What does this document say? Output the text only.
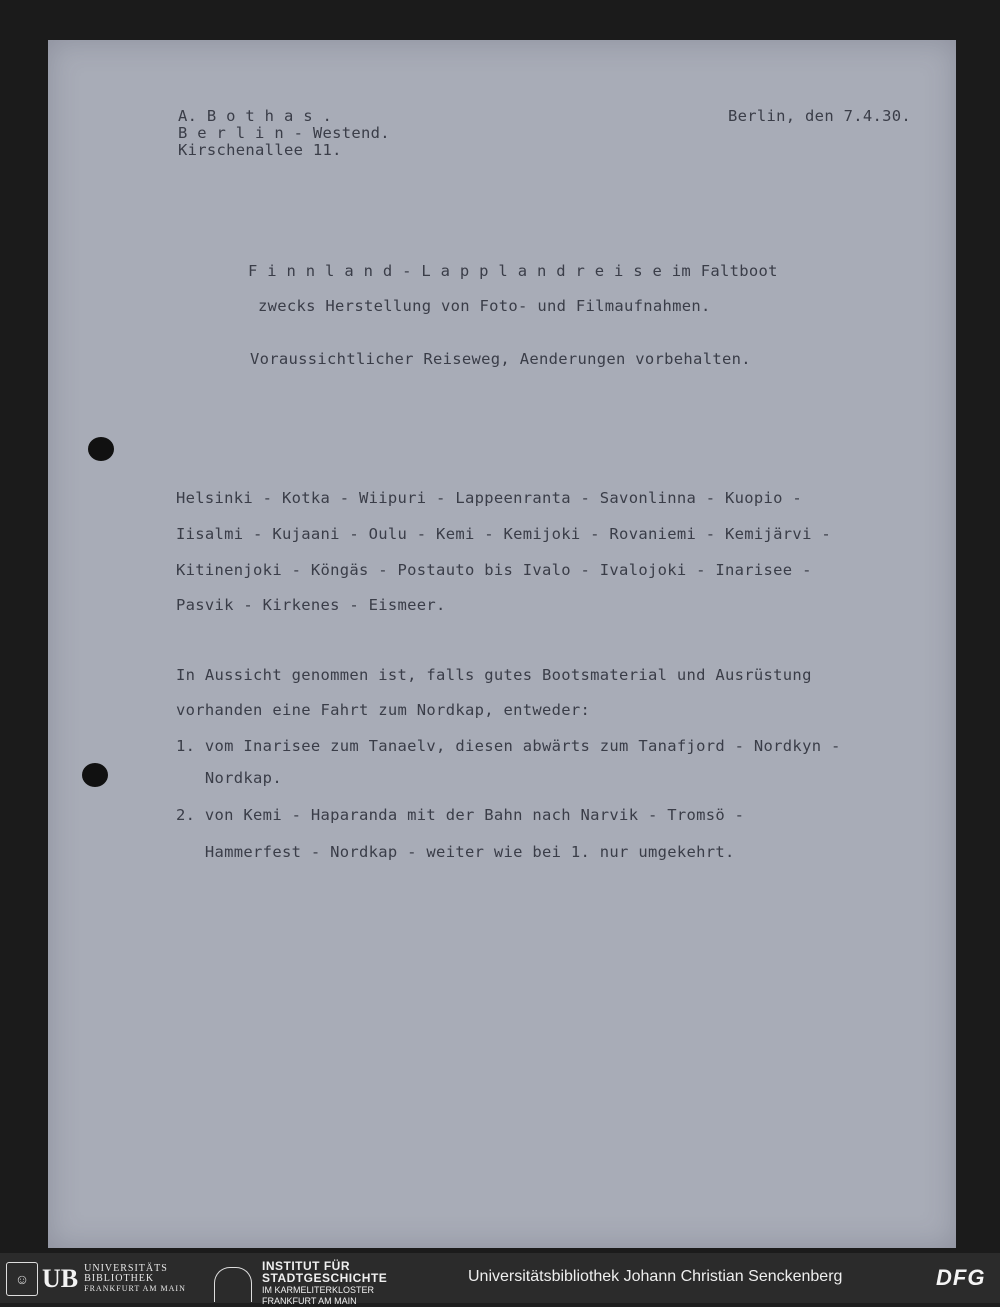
A. B o t h a s .
B e r l i n - Westend.
Kirschenallee 11.
Berlin, den 7.4.30.
F i n n l a n d - L a p p l a n d r e i s e im Faltboot
zwecks Herstellung von Foto- und Filmaufnahmen.
Voraussichtlicher Reiseweg, Aenderungen vorbehalten.
Helsinki - Kotka - Wiipuri - Lappeenranta - Savonlinna - Kuopio -
Iisalmi - Kujaani - Oulu - Kemi - Kemijoki - Rovaniemi - Kemijärvi -
Kitinenjoki - Köngäs - Postauto bis Ivalo - Ivalojoki - Inarisee -
Pasvik - Kirkenes - Eismeer.
In Aussicht genommen ist, falls gutes Bootsmaterial und Ausrüstung
vorhanden eine Fahrt zum Nordkap, entweder:
1. vom Inarisee zum Tanaelv, diesen abwärts zum Tanafjord - Nordkyn -
Nordkap.
2. von Kemi - Haparanda mit der Bahn nach Narvik - Tromsö -
Hammerfest - Nordkap - weiter wie bei 1. nur umgekehrt.
☺ UB UNIVERSITÄTS
BIBLIOTHEK
FRANKFURT AM MAIN
INSTITUT FÜR
STADTGESCHICHTE
IM KARMELITERKLOSTER
FRANKFURT AM MAIN
Universitätsbibliothek Johann Christian Senckenberg	DFG
